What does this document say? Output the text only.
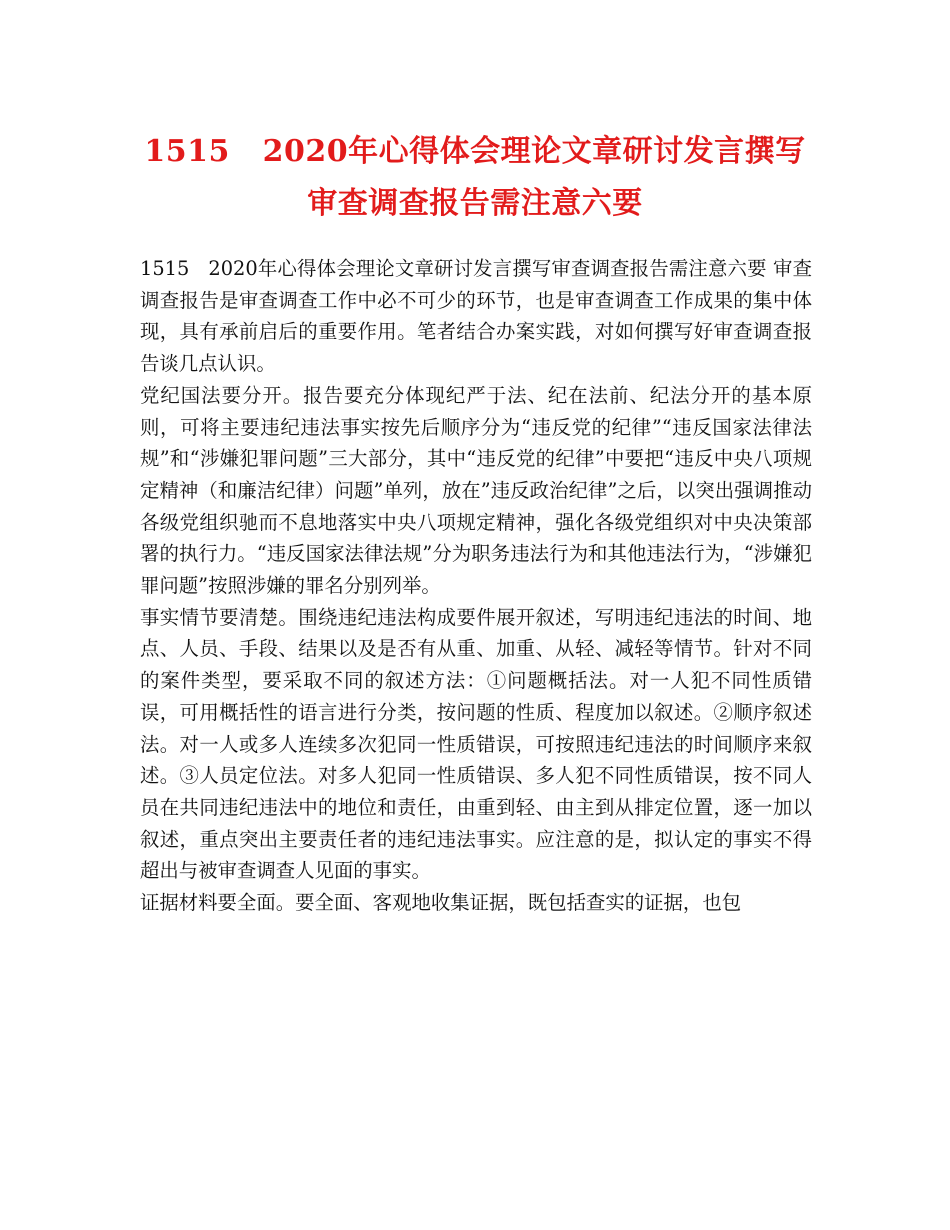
1515   2020年心得体会理论文章研讨发言撰写审查调查报告需注意六要

1515   2020年心得体会理论文章研讨发言撰写审查调查报告需注意六要 审查调查报告是审查调查工作中必不可少的环节，也是审查调查工作成果的集中体现，具有承前启后的重要作用。笔者结合办案实践，对如何撰写好审查调查报告谈几点认识。

党纪国法要分开。报告要充分体现纪严于法、纪在法前、纪法分开的基本原则，可将主要违纪违法事实按先后顺序分为“违反党的纪律”“违反国家法律法规”和“涉嫌犯罪问题”三大部分，其中“违反党的纪律”中要把“违反中央八项规定精神（和廉洁纪律）问题”单列，放在”违反政治纪律”之后，以突出强调推动各级党组织驰而不息地落实中央八项规定精神，强化各级党组织对中央决策部署的执行力。“违反国家法律法规”分为职务违法行为和其他违法行为，“涉嫌犯罪问题”按照涉嫌的罪名分别列举。

事实情节要清楚。围绕违纪违法构成要件展开叙述，写明违纪违法的时间、地点、人员、手段、结果以及是否有从重、加重、从轻、减轻等情节。针对不同的案件类型，要采取不同的叙述方法：①问题概括法。对一人犯不同性质错误，可用概括性的语言进行分类，按问题的性质、程度加以叙述。②顺序叙述法。对一人或多人连续多次犯同一性质错误，可按照违纪违法的时间顺序来叙述。③人员定位法。对多人犯同一性质错误、多人犯不同性质错误，按不同人员在共同违纪违法中的地位和责任，由重到轻、由主到从排定位置，逐一加以叙述，重点突出主要责任者的违纪违法事实。应注意的是，拟认定的事实不得超出与被审查调查人见面的事实。

证据材料要全面。要全面、客观地收集证据，既包括查实的证据，也包
